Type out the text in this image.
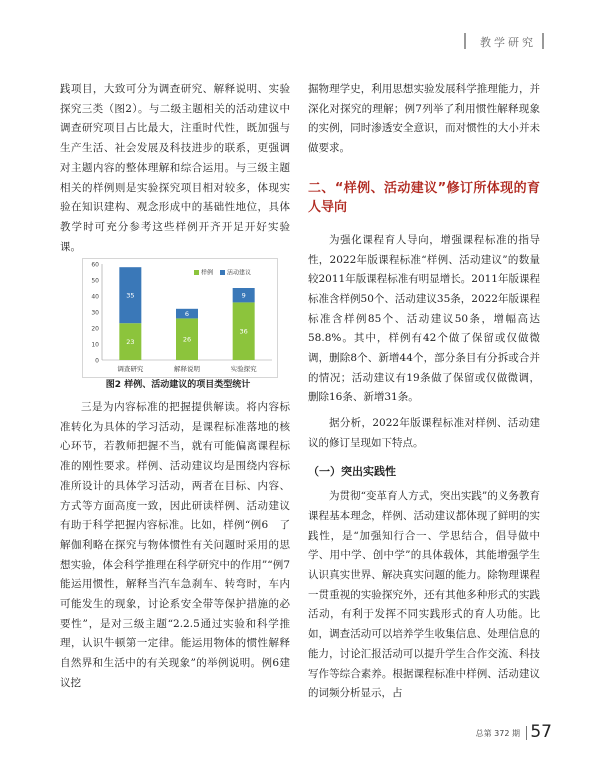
教学研究

践项目，大致可分为调查研究、解释说明、实验探究三类（图2）。与二级主题相关的活动建议中调查研究项目占比最大，注重时代性，既加强与生产生活、社会发展及科技进步的联系，更强调对主题内容的整体理解和综合运用。与三级主题相关的样例则是实验探究项目相对较多，体现实验在知识建构、观念形成中的基础性地位，具体教学时可充分参考这些样例开齐开足开好实验课。

0
10
20
30
40
50
60
23
35
调查研究
26
6
解释说明
36
9
实验探究
样例 活动建议
图2 样例、活动建议的项目类型统计

三是为内容标准的把握提供解读。将内容标准转化为具体的学习活动，是课程标准落地的核心环节，若教师把握不当，就有可能偏离课程标准的刚性要求。样例、活动建议均是围绕内容标准所设计的具体学习活动，两者在目标、内容、方式等方面高度一致，因此研读样例、活动建议有助于科学把握内容标准。比如，样例“例6　了解伽利略在探究与物体惯性有关问题时采用的思想实验，体会科学推理在科学研究中的作用”“例7　能运用惯性，解释当汽车急刹车、转弯时，车内可能发生的现象，讨论系安全带等保护措施的必要性”，是对三级主题“2.2.5通过实验和科学推理，认识牛顿第一定律。能运用物体的惯性解释自然界和生活中的有关现象”的举例说明。例6建议挖

掘物理学史，利用思想实验发展科学推理能力，并深化对探究的理解；例7列举了利用惯性解释现象的实例，同时渗透安全意识，而对惯性的大小并未做要求。

二、“样例、活动建议”修订所体现的育人导向

为强化课程育人导向，增强课程标准的指导性，2022年版课程标准“样例、活动建议”的数量较2011年版课程标准有明显增长。2011年版课程标准含样例50个、活动建议35条，2022年版课程标准含样例85个、活动建议50条，增幅高达58.8%。其中，样例有42个做了保留或仅做微调，删除8个、新增44个，部分条目有分拆或合并的情况；活动建议有19条做了保留或仅做微调，删除16条、新增31条。

据分析，2022年版课程标准对样例、活动建议的修订呈现如下特点。

（一）突出实践性

为贯彻“变革育人方式，突出实践”的义务教育课程基本理念，样例、活动建议都体现了鲜明的实践性，是“加强知行合一、学思结合，倡导做中学、用中学、创中学”的具体载体，其能增强学生认识真实世界、解决真实问题的能力。除物理课程一贯重视的实验探究外，还有其他多种形式的实践活动，有利于发挥不同实践形式的育人功能。比如，调查活动可以培养学生收集信息、处理信息的能力，讨论汇报活动可以提升学生合作交流、科技写作等综合素养。根据课程标准中样例、活动建议的词频分析显示，占

总第 372 期 57
